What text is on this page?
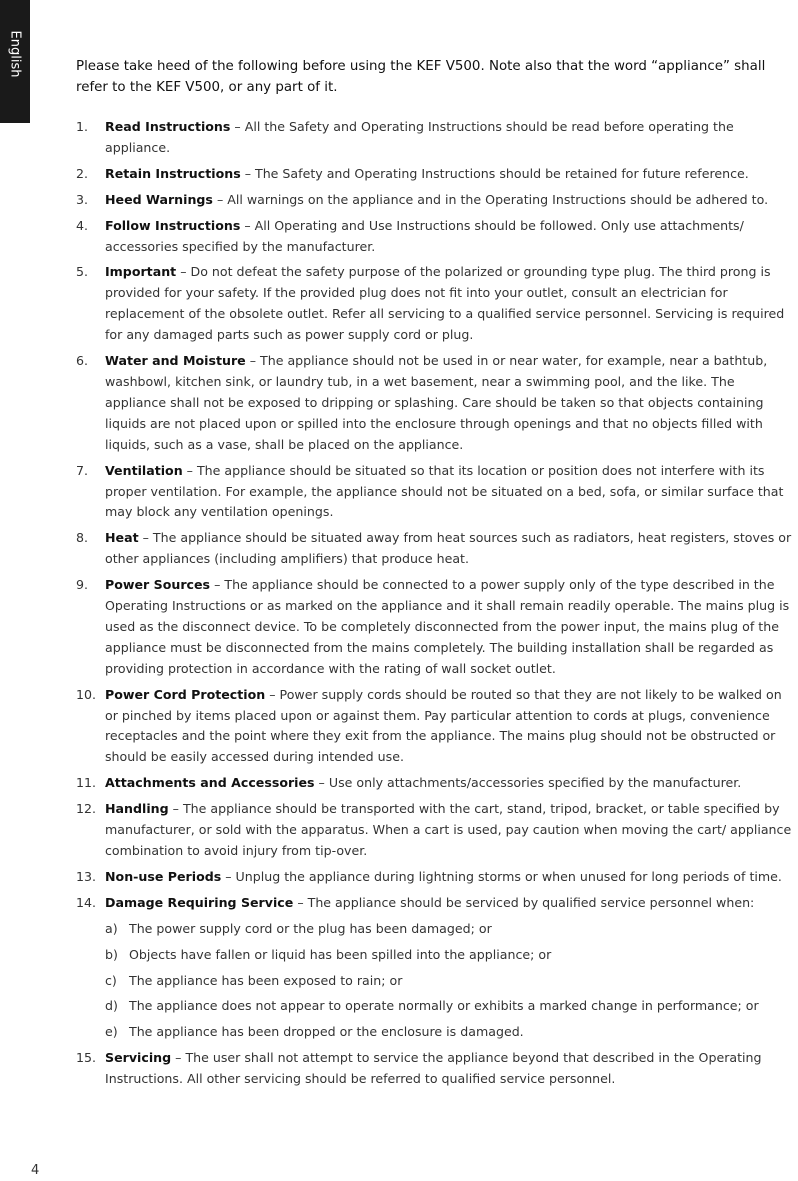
English	Please take heed of the following before using the KEF V500. Note also that the word “appliance” shall refer to the KEF V500, or any part of it.

1. Read Instructions – All the Safety and Operating Instructions should be read before operating the appliance.
2. Retain Instructions – The Safety and Operating Instructions should be retained for future reference.
3. Heed Warnings – All warnings on the appliance and in the Operating Instructions should be adhered to.
4. Follow Instructions – All Operating and Use Instructions should be followed. Only use attachments/ accessories specified by the manufacturer.
5. Important – Do not defeat the safety purpose of the polarized or grounding type plug. The third prong is provided for your safety. If the provided plug does not fit into your outlet, consult an electrician for replacement of the obsolete outlet. Refer all servicing to a qualified service personnel. Servicing is required for any damaged parts such as power supply cord or plug.
6. Water and Moisture – The appliance should not be used in or near water, for example, near a bathtub, washbowl, kitchen sink, or laundry tub, in a wet basement, near a swimming pool, and the like. The appliance shall not be exposed to dripping or splashing. Care should be taken so that objects containing liquids are not placed upon or spilled into the enclosure through openings and that no objects filled with liquids, such as a vase, shall be placed on the appliance.
7. Ventilation – The appliance should be situated so that its location or position does not interfere with its proper ventilation. For example, the appliance should not be situated on a bed, sofa, or similar surface that may block any ventilation openings.
8. Heat – The appliance should be situated away from heat sources such as radiators, heat registers, stoves or other appliances (including amplifiers) that produce heat.
9. Power Sources – The appliance should be connected to a power supply only of the type described in the Operating Instructions or as marked on the appliance and it shall remain readily operable. The mains plug is used as the disconnect device. To be completely disconnected from the power input, the mains plug of the appliance must be disconnected from the mains completely. The building installation shall be regarded as providing protection in accordance with the rating of wall socket outlet.
10. Power Cord Protection – Power supply cords should be routed so that they are not likely to be walked on or pinched by items placed upon or against them. Pay particular attention to cords at plugs, convenience receptacles and the point where they exit from the appliance. The mains plug should not be obstructed or should be easily accessed during intended use.
11. Attachments and Accessories – Use only attachments/accessories specified by the manufacturer.
12. Handling – The appliance should be transported with the cart, stand, tripod, bracket, or table specified by manufacturer, or sold with the apparatus. When a cart is used, pay caution when moving the cart/ appliance combination to avoid injury from tip-over.
13. Non-use Periods – Unplug the appliance during lightning storms or when unused for long periods of time.
14. Damage Requiring Service – The appliance should be serviced by qualified service personnel when:
a) The power supply cord or the plug has been damaged; or
b) Objects have fallen or liquid has been spilled into the appliance; or
c) The appliance has been exposed to rain; or
d) The appliance does not appear to operate normally or exhibits a marked change in performance; or
e) The appliance has been dropped or the enclosure is damaged.
15. Servicing – The user shall not attempt to service the appliance beyond that described in the Operating Instructions. All other servicing should be referred to qualified service personnel.
4
